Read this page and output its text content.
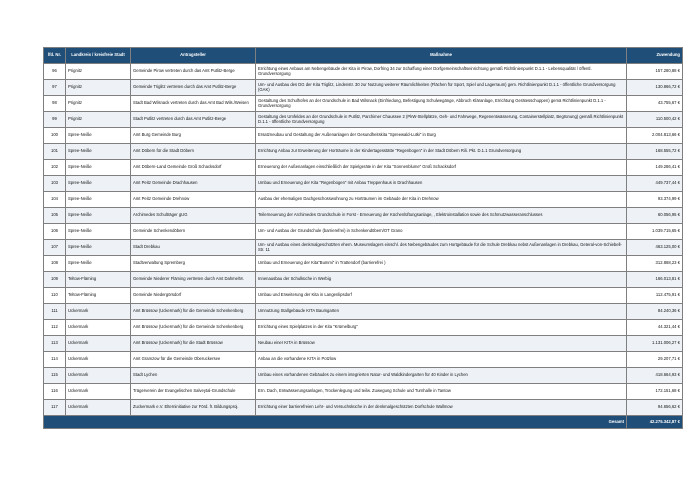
lfd. Nr.	Landkreis / kreisfreie Stadt	Antragsteller	Maßnahme	Zuwendung
96	Prignitz	Gemeinde Pirow vertreten durch das Amt Putlitz-Berge	Errichtung eines Anbaus am Nebengebäude der Kita in Pirow, Dorfring 34 zur Schaffung einer Dorfgemeinschaftseinrichtung gemäß Richtlinienpunkt D.1.1 - Lebensqualität / öffentl. Grundversorgung	157.280,88 €
97	Prignitz	Gemeinde Triglitz vertreten durch das Amt Putlitz-Berge	Um- und Ausbau des DG der Kita Triglitz, Lindenstr. 30 zur Nutzung weiterer Räumlichkeiten (Flächen für Sport, Spiel und Lagerraum) gem. Richtlinienpunkt D.1.1 - öffentliche Grundversorgung (GAK)	130.866,72 €
98	Prignitz	Stadt Bad Wilsnack vertreten durch das Amt Bad Wils./Weisen	Gestaltung des Schulhofes an der Grundschule in Bad Wilsnack (Einfriedung, Befestigung Schulwegänge, Abbruch Kläranlage, Errichtung Gerätesschuppen) gemä Richtlinienpunkt D.1.1 - Grundversorgung	43.755,67 €
99	Prignitz	Stadt Putlitz vertreten durch das Amt Putlitz-Berge	Gestaltung des Umfeldes an der Grundschule in Putlitz, Parchimer Chaussee 2 (PkW-Stellplätze, Geh- und Fahrwege, Regenentwässerung, Containerstellplatz, Begrünung) gemäß Richtlinienpunkt D.1.1 - öffentliche Grundversorgung	110.500,42 €
100	Spree-Neiße	Amt Burg Gemeinde Burg	Ersatzneubau und Gestaltung der Außenanlagen der Gesundheitskita "Spreewald-Lutki" in Burg	2.004.813,66 €
101	Spree-Neiße	Amt Döbern für die Stadt Döbern	Errichtung Anbau zur Erweiterung der Horträume in der Kindertagesstätte "Regenbogen" in der Stadt Döbern Rili. Pkt. D.1.1 Grundversorgung	168.555,72 €
102	Spree-Neiße	Amt Döbern-Land Gemeinde Groß Schacksdorf	Erneuerung der Außenanlagen einschließlich der Spielgeräte in der Kita "Sonnenblume" Groß Schacksdorf	149.286,41 €
103	Spree-Neiße	Amt Peitz Gemeinde Drachhausen	Umbau und Erneuerung der Kita "Regenbogen" mit Anbau Treppenhaus in Drachhausen	449.737,44 €
104	Spree-Neiße	Amt Peitz Gemeinde Drehnow	Ausbau der ehemaligen Dachgeschosswohnung zu Horträumen im Gebäude der Kita in Drehnow	93.374,99 €
105	Spree-Neiße	Archimedes Schulträger gUG	Teilerneuerung der Archimedes Grundschule in Forst - Erneuerung der Küchenlüftungsanlage, , Elektroinstallation sowie des Schmutzwasseranschlusses	60.056,95 €
106	Spree-Neiße	Gemeinde Schenkendöbern	Um- und Ausbau der Grundschule (barrierefrei) in Schenkendöbern/OT Grano	1.039.715,65 €
107	Spree-Neiße	Stadt Drebkau	Um- und Ausbau eines denkmalgeschützten ehem. Museumslagers einschl. des Nebengebäudes zum Hortgebäude für die Schule Drebkau nebst Außenanlagen in Drebkau, Geteral-von-Schiebell-Str. 11	463.125,00 €
108	Spree-Neiße	Stadtverwaltung Spremberg	Umbau und Erneuerung der Kita"Bummi" in Trattendorf (barrierefrei )	312.868,23 €
109	Teltow-Fläming	Gemeinde Niederer Fläming vertreten durch Amt Dahme/M.	Innenausbau der Schulküche in Werbig	166.013,81 €
110	Teltow-Fläming	Gemeinde Niedergörsdorf	Umbau und Erweiterung der Kita in Langenlipsdorf	112.475,91 €
111	Uckermark	Amt Brüssow (Uckermark) für die Gemeinde Schenkenberg	Umnutzung Stallgebäude KITA Baumgarten	84.240,36 €
112	Uckermark	Amt Brüssow (Uckermark) für die Gemeinde Schenkenberg	Errichtung eines Spielplatzes in der Kita "Krümelburg"	44.321,44 €
113	Uckermark	Amt Brüssow (Uckermark) für die Stadt Brüssow	Neubau einer KITA in Brüssow	1.131.006,27 €
114	Uckermark	Amt Gramzow für die Gemeinde Oberuckersee	Anbau an die vorhandene KITA in Potzlow	29.207,71 €
115	Uckermark	Stadt Lychen	Umbau eines vorhandenen Gebäudes zu einem integrierten Natur- und Waldkindergarten für 40 Kinder in Lychen	418.664,93 €
116	Uckermark	Trägerverein der Evangelischen Salveytal-Grundschule	Ern. Dach, Entwässerungsanlagen, Trockenlegung und teilw. Zuwegung Schule und Turnhalle in Tantow	172.151,68 €
117	Uckermark	Zuckermark e.V. Elterninitiative zur Förd. fr. Bildungsproj.	Errichtung einer barrierefreien Lehr- und Versuchsküche in der denkmalgeschützten Dorfschule Wallmow	94.656,62 €
Gesamt				42.275.342,87 €
